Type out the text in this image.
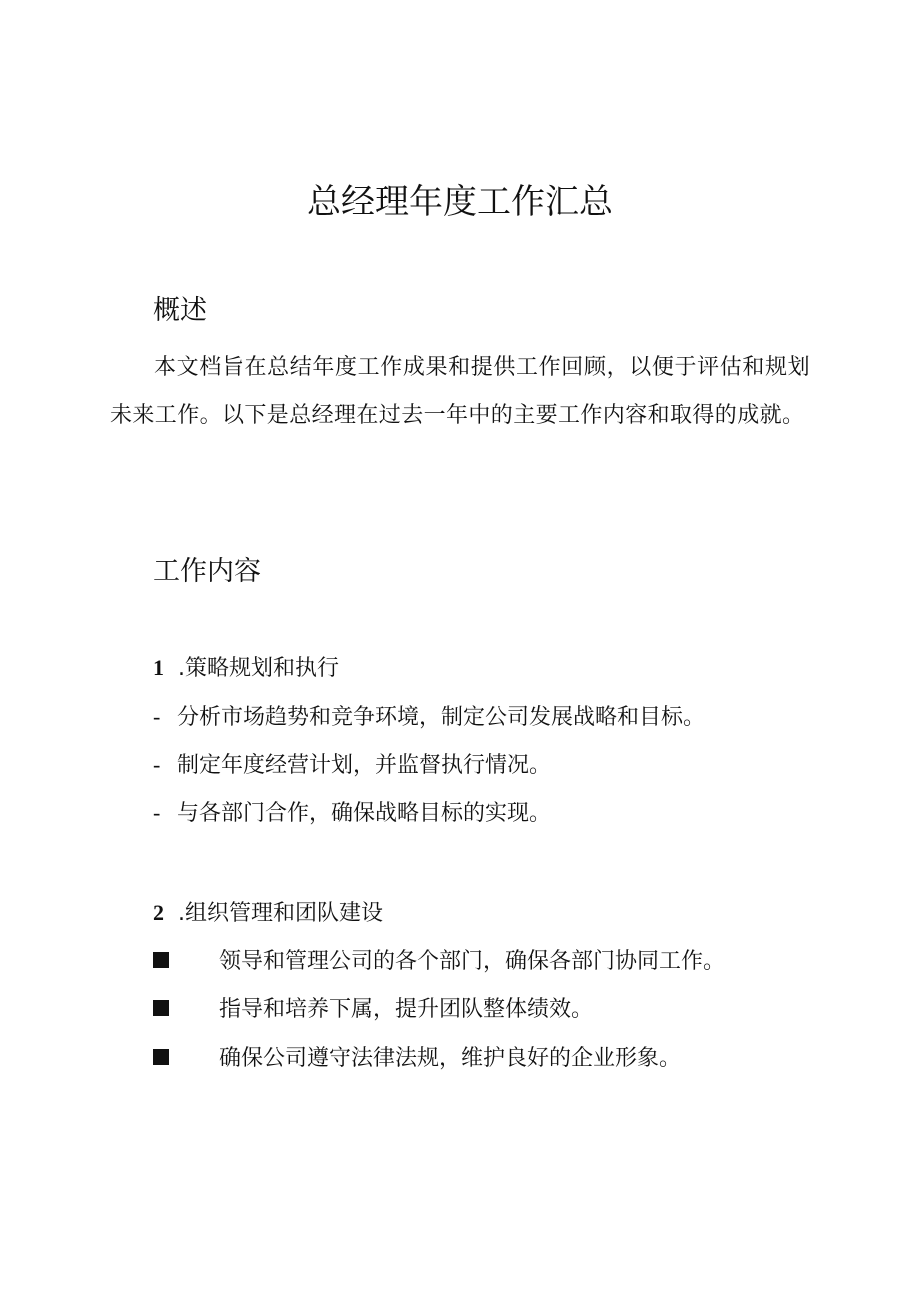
总经理年度工作汇总
概述
本文档旨在总结年度工作成果和提供工作回顾，以便于评估和规划未来工作。以下是总经理在过去一年中的主要工作内容和取得的成就。
工作内容
1 .策略规划和执行
- 分析市场趋势和竞争环境，制定公司发展战略和目标。
- 制定年度经营计划，并监督执行情况。
- 与各部门合作，确保战略目标的实现。
2 .组织管理和团队建设
领导和管理公司的各个部门，确保各部门协同工作。
指导和培养下属，提升团队整体绩效。
确保公司遵守法律法规，维护良好的企业形象。
